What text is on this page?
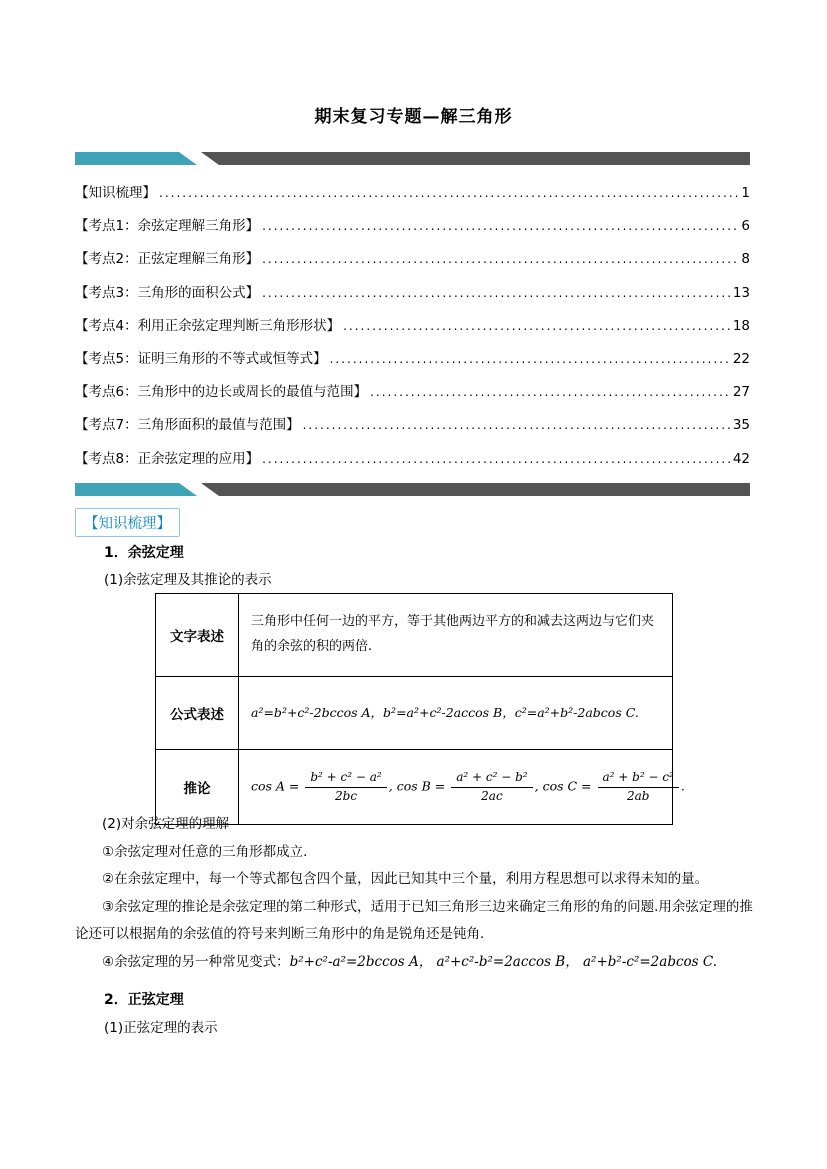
期末复习专题—解三角形
【知识梳理】 .....	1
【考点1：余弦定理解三角形】 .....	6
【考点2：正弦定理解三角形】 .....	8
【考点3：三角形的面积公式】 .....	13
【考点4：利用正余弦定理判断三角形形状】 .....	18
【考点5：证明三角形的不等式或恒等式】 .....	22
【考点6：三角形中的边长或周长的最值与范围】 .....	27
【考点7：三角形面积的最值与范围】 .....	35
【考点8：正余弦定理的应用】 .....	42
【知识梳理】
1．余弦定理
(1)余弦定理及其推论的表示
文字表述	三角形中任何一边的平方，等于其他两边平方的和减去这两边与它们夹角的余弦的积的两倍.
公式表述	a²=b²+c²-2bccos A，b²=a²+c²-2accos B，c²=a²+b²-2abcos C.
推论	$\cos A = \frac{\text{b² + c² − a²}}{2bc}$ , $\cos B = \frac{\text{a² + c² − b²}}{2ac}$ , $\cos C = \frac{\text{a² + b² − c²}}{2ab}$ .

(2)对余弦定理的理解

①余弦定理对任意的三角形都成立.

②在余弦定理中，每一个等式都包含四个量，因此已知其中三个量，利用方程思想可以求得未知的量。

③余弦定理的推论是余弦定理的第二种形式，适用于已知三角形三边来确定三角形的角的问题.用余弦定理的推论还可以根据角的余弦值的符号来判断三角形中的角是锐角还是钝角.

④余弦定理的另一种常见变式：b²+c²-a²=2bccos A， a²+c²-b²=2accos B， a²+b²-c²=2abcos C.

2．正弦定理
(1)正弦定理的表示
